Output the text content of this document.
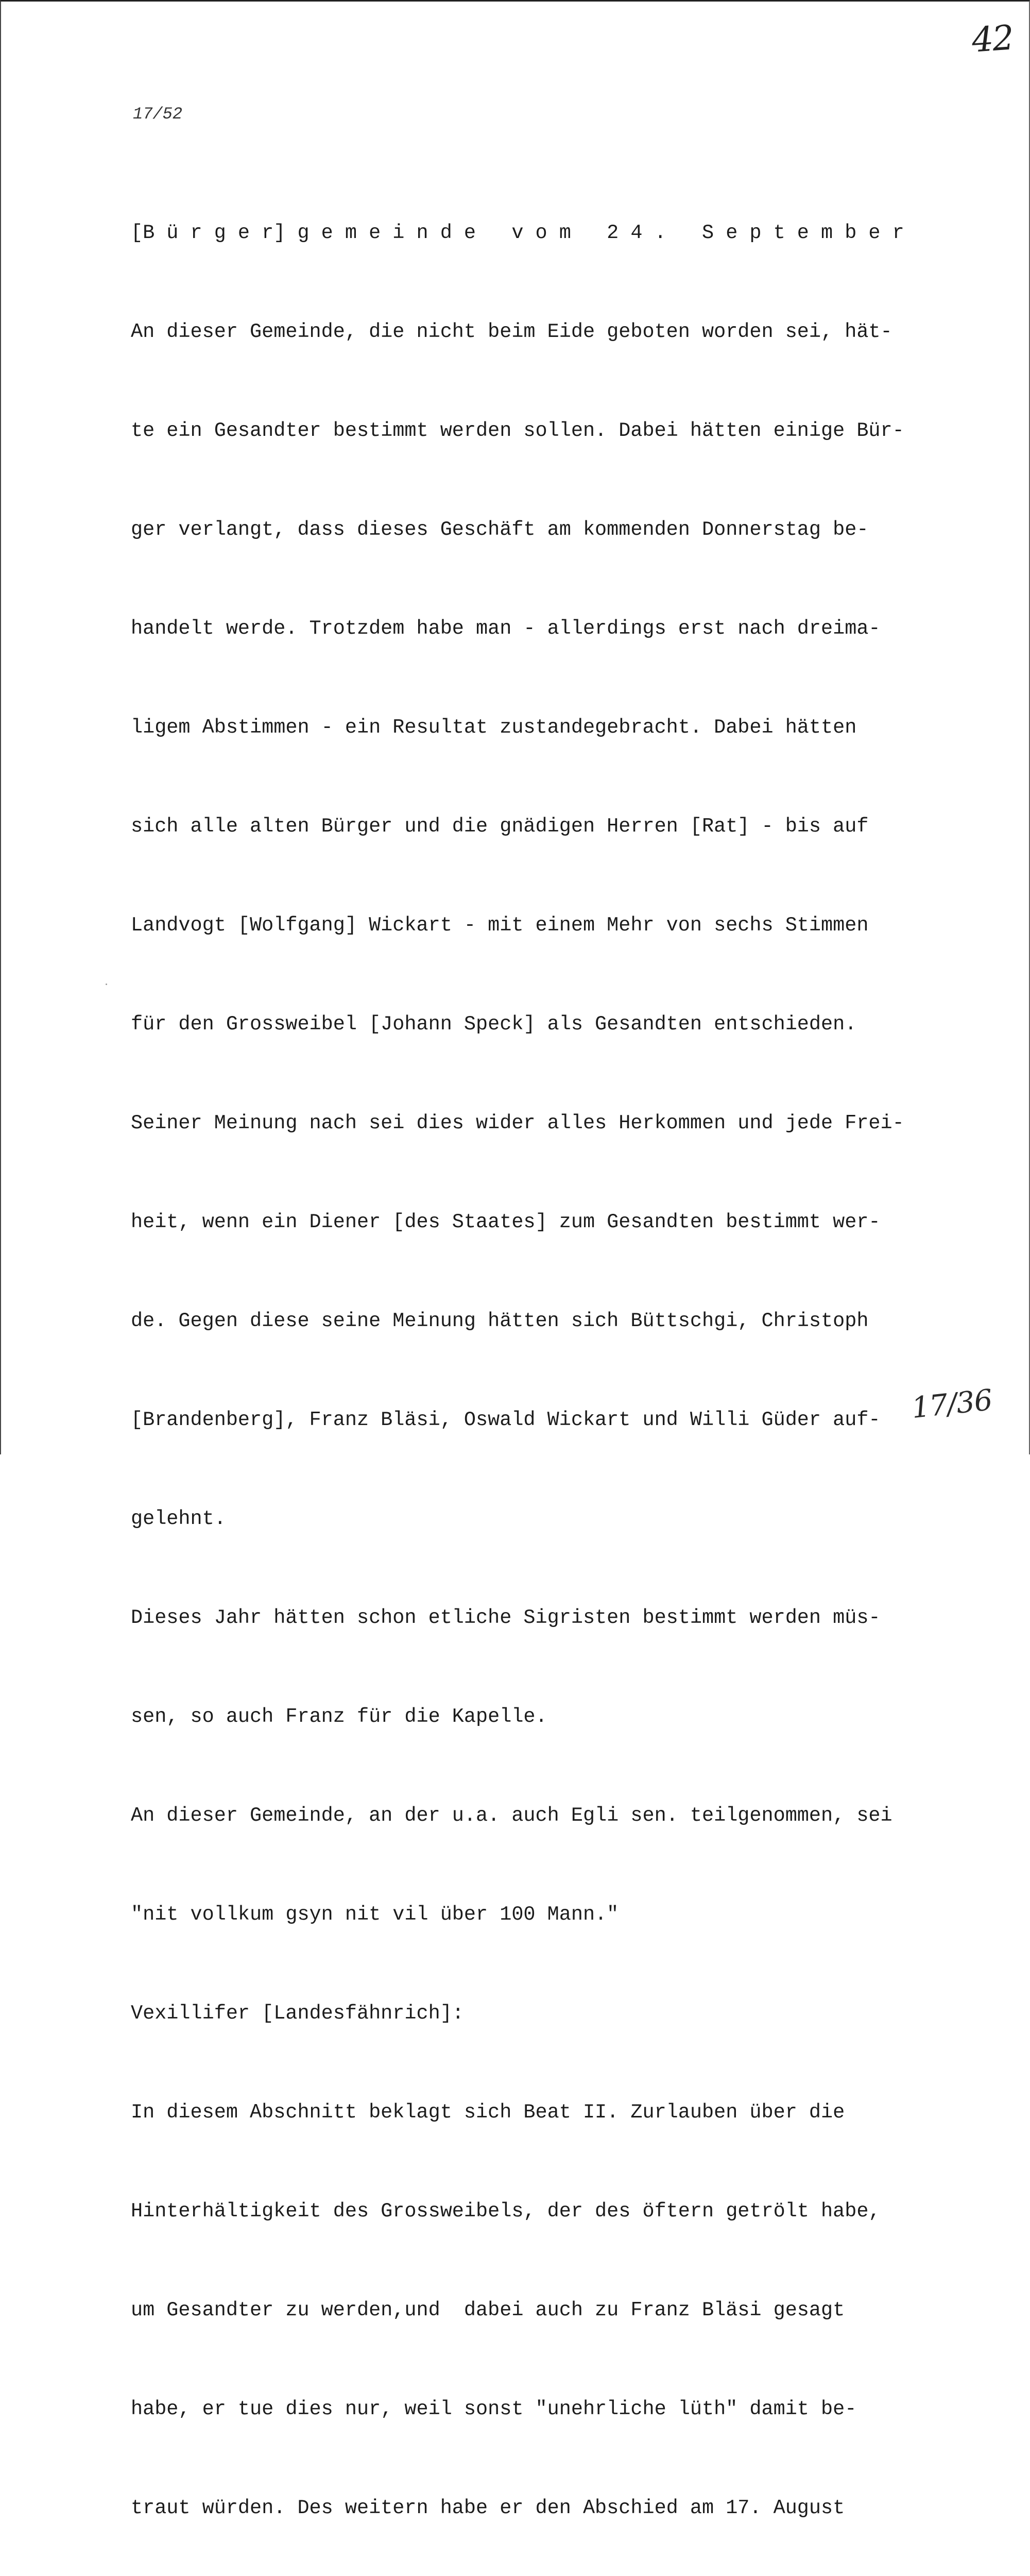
42
17/52

[B ü r g e r] g e m e i n d e   v o m   2 4 .   S e p t e m b e r

An dieser Gemeinde, die nicht beim Eide geboten worden sei, hät-

te ein Gesandter bestimmt werden sollen. Dabei hätten einige Bür-

ger verlangt, dass dieses Geschäft am kommenden Donnerstag be-

handelt werde. Trotzdem habe man - allerdings erst nach dreima-

ligem Abstimmen - ein Resultat zustandegebracht. Dabei hätten

sich alle alten Bürger und die gnädigen Herren [Rat] - bis auf

Landvogt [Wolfgang] Wickart - mit einem Mehr von sechs Stimmen

für den Grossweibel [Johann Speck] als Gesandten entschieden.

Seiner Meinung nach sei dies wider alles Herkommen und jede Frei-

heit, wenn ein Diener [des Staates] zum Gesandten bestimmt wer-

de. Gegen diese seine Meinung hätten sich Büttschgi, Christoph

[Brandenberg], Franz Bläsi, Oswald Wickart und Willi Güder auf-

gelehnt.

Dieses Jahr hätten schon etliche Sigristen bestimmt werden müs-

sen, so auch Franz für die Kapelle.

An dieser Gemeinde, an der u.a. auch Egli sen. teilgenommen, sei

"nit vollkum gsyn nit vil über 100 Mann."

Vexillifer [Landesfähnrich]:

In diesem Abschnitt beklagt sich Beat II. Zurlauben über die

Hinterhältigkeit des Grossweibels, der des öftern getrölt habe,

um Gesandter zu werden,und  dabei auch zu Franz Bläsi gesagt

habe, er tue dies nur, weil sonst "unehrliche lüth" damit be-

traut würden. Des weitern habe er den Abschied am 17. August

17/36
